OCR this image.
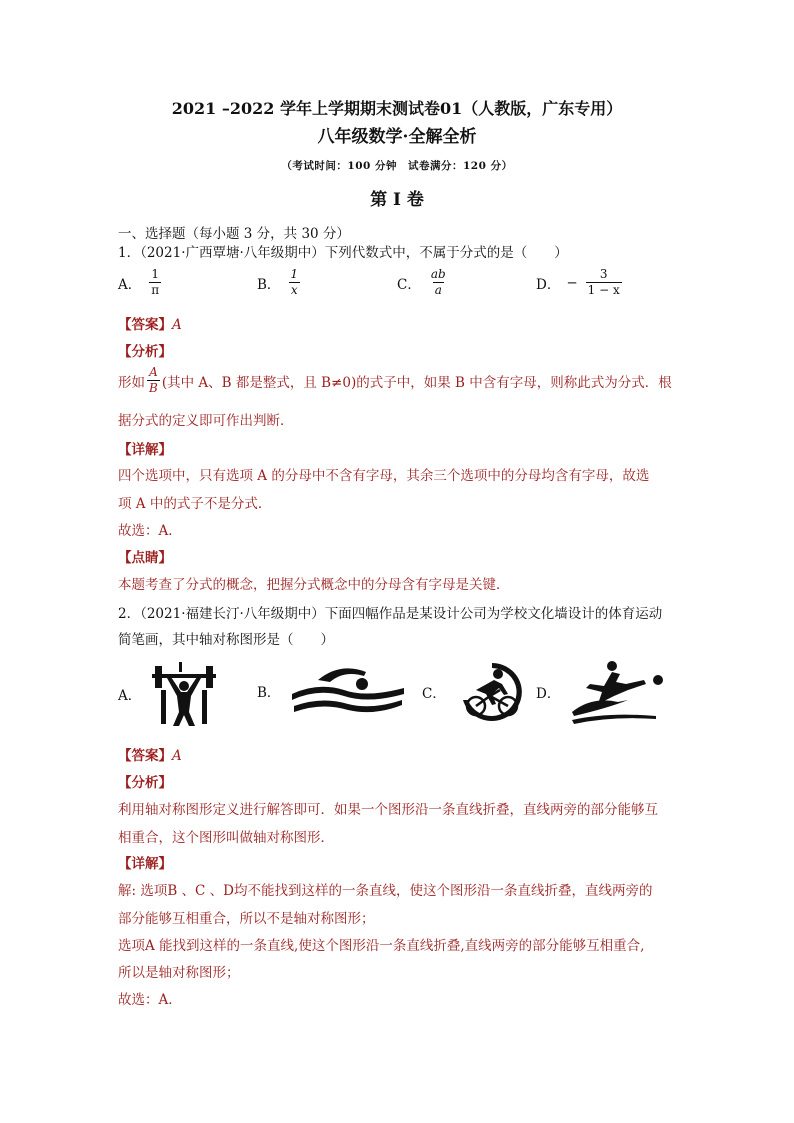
2021 –2022 学年上学期期末测试卷01（人教版，广东专用）
八年级数学·全解全析
（考试时间：100 分钟　试卷满分：120 分）
第 I 卷
一、选择题（每小题 3 分，共 30 分）
1．（2021·广西覃塘·八年级期中）下列代数式中，不属于分式的是（　　）
A． $\frac{1}{\pi}$	B． $\frac{1}{x}$	C． $\frac{ab}{a}$	D． − $\frac{3}{1 - x}$
【答案】A
【分析】
形如 $\frac{A}{B}$ (其中 A、B 都是整式，且 B≠0)的式子中，如果 B 中含有字母，则称此式为分式．根
据分式的定义即可作出判断．
【详解】
四个选项中，只有选项 A 的分母中不含有字母，其余三个选项中的分母均含有字母，故选
项 A 中的式子不是分式．
故选：A．
【点睛】
本题考查了分式的概念，把握分式概念中的分母含有字母是关键．
2．（2021·福建长汀·八年级期中）下面四幅作品是某设计公司为学校文化墙设计的体育运动
简笔画，其中轴对称图形是（　　）
A．	B．	C．	D．
【答案】A
【分析】
利用轴对称图形定义进行解答即可．如果一个图形沿一条直线折叠，直线两旁的部分能够互
相重合，这个图形叫做轴对称图形．
【详解】
解: 选项B 、C 、D均不能找到这样的一条直线，使这个图形沿一条直线折叠，直线两旁的
部分能够互相重合，所以不是轴对称图形；
选项A 能找到这样的一条直线,使这个图形沿一条直线折叠,直线两旁的部分能够互相重合,
所以是轴对称图形；
故选：A．
